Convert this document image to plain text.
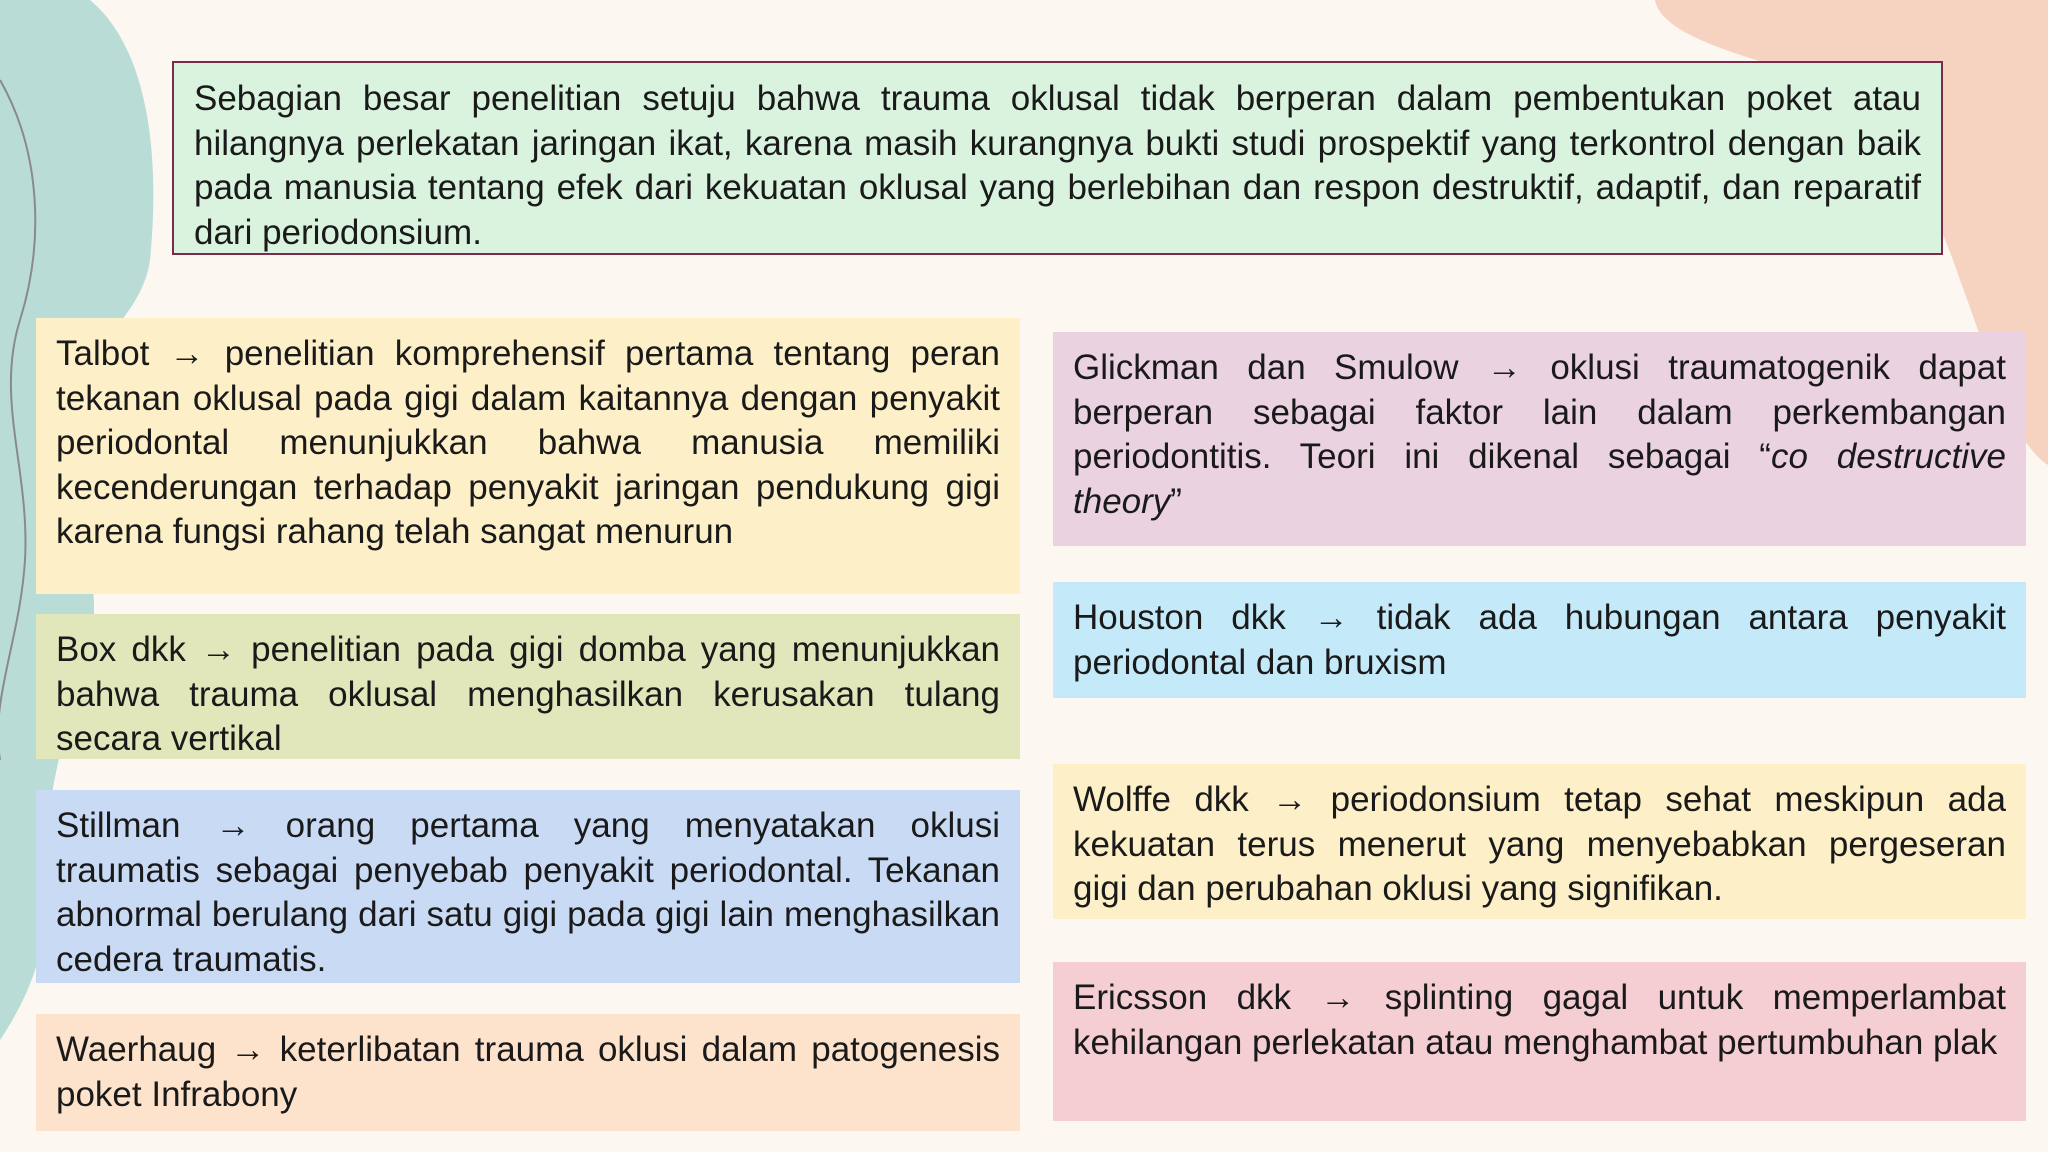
Sebagian besar penelitian setuju bahwa trauma oklusal tidak berperan dalam pembentukan poket atau hilangnya perlekatan jaringan ikat, karena masih kurangnya bukti studi prospektif yang terkontrol dengan baik pada manusia tentang efek dari kekuatan oklusal yang berlebihan dan respon destruktif, adaptif, dan reparatif dari periodonsium.

Talbot → penelitian komprehensif pertama tentang peran tekanan oklusal pada gigi dalam kaitannya dengan penyakit periodontal menunjukkan bahwa manusia memiliki kecenderungan terhadap penyakit jaringan pendukung gigi karena fungsi rahang telah sangat menurun

Box dkk → penelitian pada gigi domba yang menunjukkan bahwa trauma oklusal menghasilkan kerusakan tulang secara vertikal

Stillman → orang pertama yang menyatakan oklusi traumatis sebagai penyebab penyakit periodontal. Tekanan abnormal berulang dari satu gigi pada gigi lain menghasilkan cedera traumatis.

Waerhaug → keterlibatan trauma oklusi dalam patogenesis poket Infrabony

Glickman dan Smulow → oklusi traumatogenik dapat berperan sebagai faktor lain dalam perkembangan periodontitis. Teori ini dikenal sebagai “co destructive theory”

Houston dkk → tidak ada hubungan antara penyakit periodontal dan bruxism

Wolffe dkk → periodonsium tetap sehat meskipun ada kekuatan terus menerut yang menyebabkan pergeseran gigi dan perubahan oklusi yang signifikan.

Ericsson dkk → splinting gagal untuk memperlambat kehilangan perlekatan atau menghambat pertumbuhan plak
